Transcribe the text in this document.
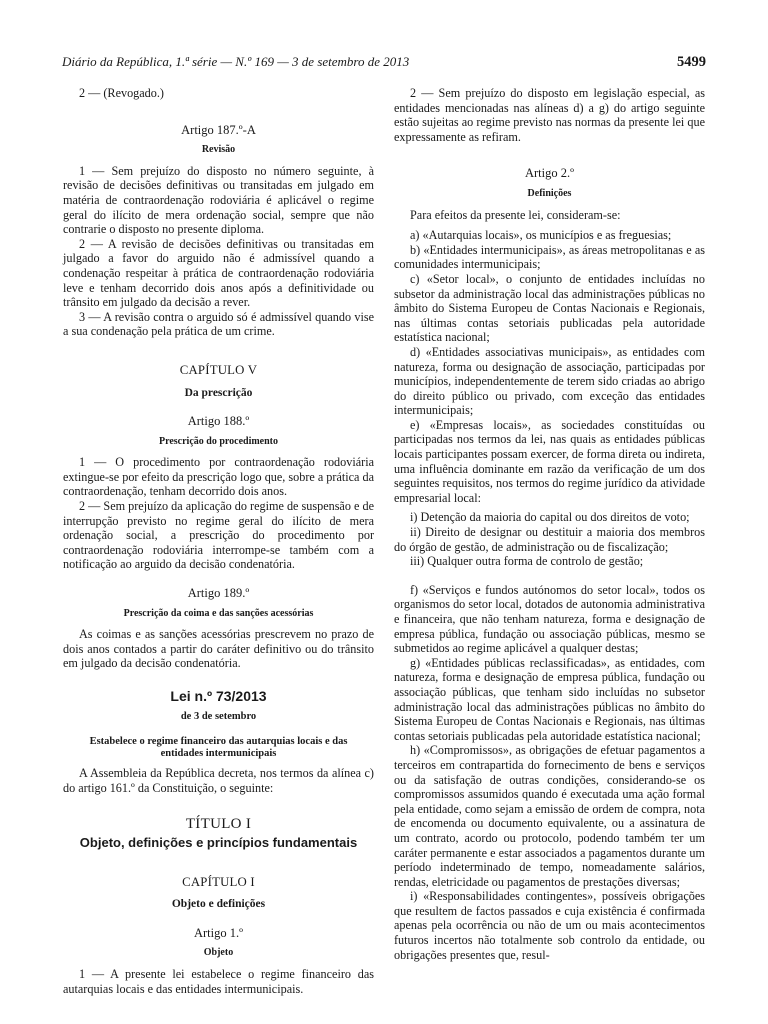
Diário da República, 1.ª série — N.º 169 — 3 de setembro de 2013	5499

2 — (Revogado.)

Artigo 187.º-A
Revisão

1 — Sem prejuízo do disposto no número seguinte, à revisão de decisões definitivas ou transitadas em julgado em matéria de contraordenação rodoviária é aplicável o regime geral do ilícito de mera ordenação social, sempre que não contrarie o disposto no presente diploma.

2 — A revisão de decisões definitivas ou transitadas em julgado a favor do arguido não é admissível quando a condenação respeitar à prática de contraordenação rodoviária leve e tenham decorrido dois anos após a definitividade ou trânsito em julgado da decisão a rever.

3 — A revisão contra o arguido só é admissível quando vise a sua condenação pela prática de um crime.

CAPÍTULO V
Da prescrição
Artigo 188.º
Prescrição do procedimento

1 — O procedimento por contraordenação rodoviária extingue-se por efeito da prescrição logo que, sobre a prática da contraordenação, tenham decorrido dois anos.

2 — Sem prejuízo da aplicação do regime de suspensão e de interrupção previsto no regime geral do ilícito de mera ordenação social, a prescrição do procedimento por contraordenação rodoviária interrompe-se também com a notificação ao arguido da decisão condenatória.

Artigo 189.º
Prescrição da coima e das sanções acessórias

As coimas e as sanções acessórias prescrevem no prazo de dois anos contados a partir do caráter definitivo ou do trânsito em julgado da decisão condenatória.

Lei n.º 73/2013
de 3 de setembro
Estabelece o regime financeiro das autarquias locais e das entidades intermunicipais

A Assembleia da República decreta, nos termos da alínea c) do artigo 161.º da Constituição, o seguinte:

TÍTULO I
Objeto, definições e princípios fundamentais
CAPÍTULO I
Objeto e definições
Artigo 1.º
Objeto

1 — A presente lei estabelece o regime financeiro das autarquias locais e das entidades intermunicipais.

2 — Sem prejuízo do disposto em legislação especial, as entidades mencionadas nas alíneas d) a g) do artigo seguinte estão sujeitas ao regime previsto nas normas da presente lei que expressamente as refiram.

Artigo 2.º
Definições

Para efeitos da presente lei, consideram-se:

a) «Autarquias locais», os municípios e as freguesias;

b) «Entidades intermunicipais», as áreas metropolitanas e as comunidades intermunicipais;

c) «Setor local», o conjunto de entidades incluídas no subsetor da administração local das administrações públicas no âmbito do Sistema Europeu de Contas Nacionais e Regionais, nas últimas contas setoriais publicadas pela autoridade estatística nacional;

d) «Entidades associativas municipais», as entidades com natureza, forma ou designação de associação, participadas por municípios, independentemente de terem sido criadas ao abrigo do direito público ou privado, com exceção das entidades intermunicipais;

e) «Empresas locais», as sociedades constituídas ou participadas nos termos da lei, nas quais as entidades públicas locais participantes possam exercer, de forma direta ou indireta, uma influência dominante em razão da verificação de um dos seguintes requisitos, nos termos do regime jurídico da atividade empresarial local:

i) Detenção da maioria do capital ou dos direitos de voto;

ii) Direito de designar ou destituir a maioria dos membros do órgão de gestão, de administração ou de fiscalização;

iii) Qualquer outra forma de controlo de gestão;

f) «Serviços e fundos autónomos do setor local», todos os organismos do setor local, dotados de autonomia administrativa e financeira, que não tenham natureza, forma e designação de empresa pública, fundação ou associação públicas, mesmo se submetidos ao regime aplicável a qualquer destas;

g) «Entidades públicas reclassificadas», as entidades, com natureza, forma e designação de empresa pública, fundação ou associação públicas, que tenham sido incluídas no subsetor administração local das administrações públicas no âmbito do Sistema Europeu de Contas Nacionais e Regionais, nas últimas contas setoriais publicadas pela autoridade estatística nacional;

h) «Compromissos», as obrigações de efetuar pagamentos a terceiros em contrapartida do fornecimento de bens e serviços ou da satisfação de outras condições, considerando-se os compromissos assumidos quando é executada uma ação formal pela entidade, como sejam a emissão de ordem de compra, nota de encomenda ou documento equivalente, ou a assinatura de um contrato, acordo ou protocolo, podendo também ter um caráter permanente e estar associados a pagamentos durante um período indeterminado de tempo, nomeadamente salários, rendas, eletricidade ou pagamentos de prestações diversas;

i) «Responsabilidades contingentes», possíveis obrigações que resultem de factos passados e cuja existência é confirmada apenas pela ocorrência ou não de um ou mais acontecimentos futuros incertos não totalmente sob controlo da entidade, ou obrigações presentes que, resul-
